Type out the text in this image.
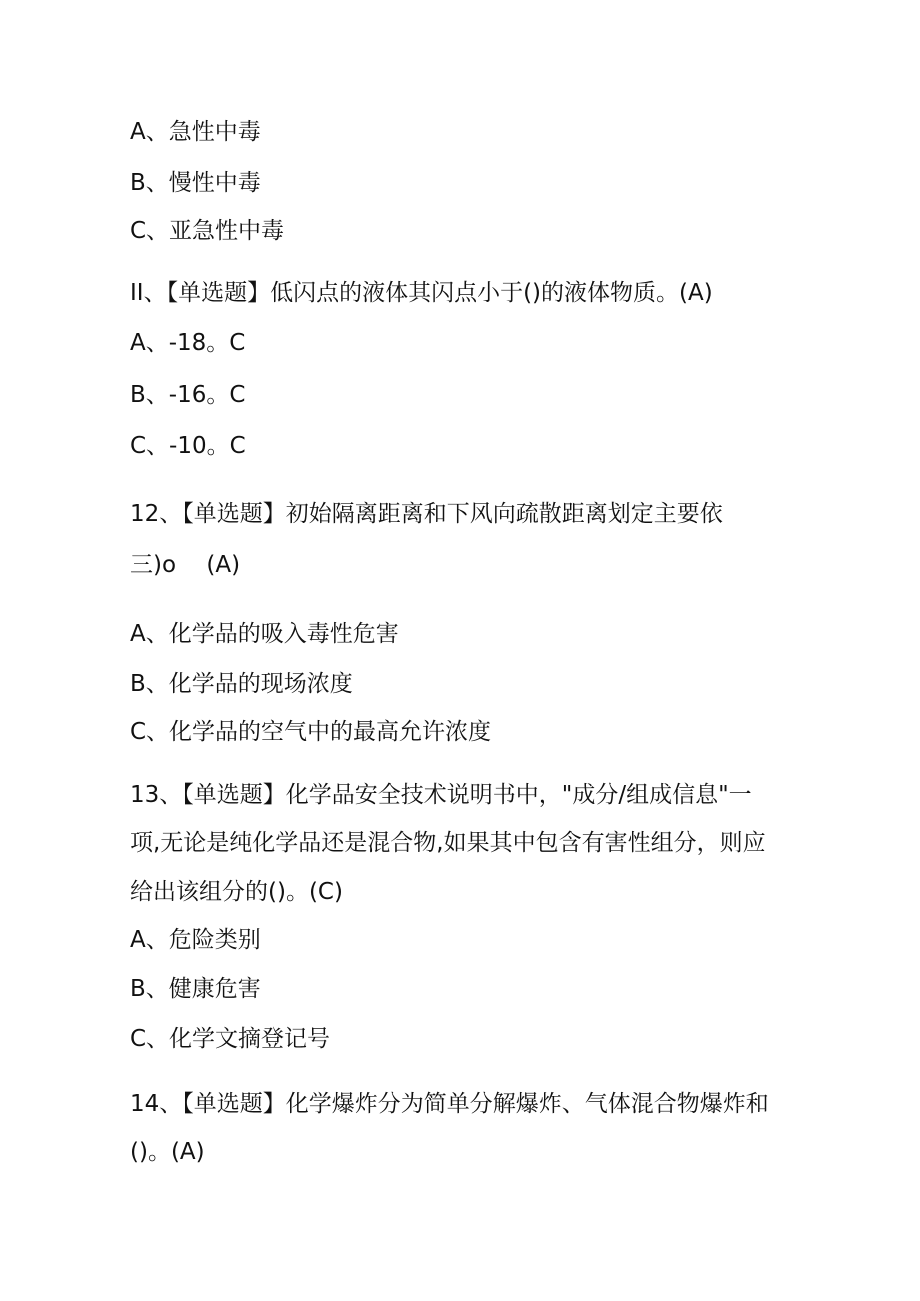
A、急性中毒
B、慢性中毒
C、亚急性中毒
II、【单选题】低闪点的液体其闪点小于()的液体物质。(A)
A、-18。C
B、-16。C
C、-10。C
12、【单选题】初始隔离距离和下风向疏散距离划定主要依
三)o　 (A)
A、化学品的吸入毒性危害
B、化学品的现场浓度
C、化学品的空气中的最高允许浓度
13、【单选题】化学品安全技术说明书中，"成分/组成信息"一
项,无论是纯化学品还是混合物,如果其中包含有害性组分，则应
给出该组分的()。(C)
A、危险类别
B、健康危害
C、化学文摘登记号
14、【单选题】化学爆炸分为简单分解爆炸、气体混合物爆炸和
()。(A)
